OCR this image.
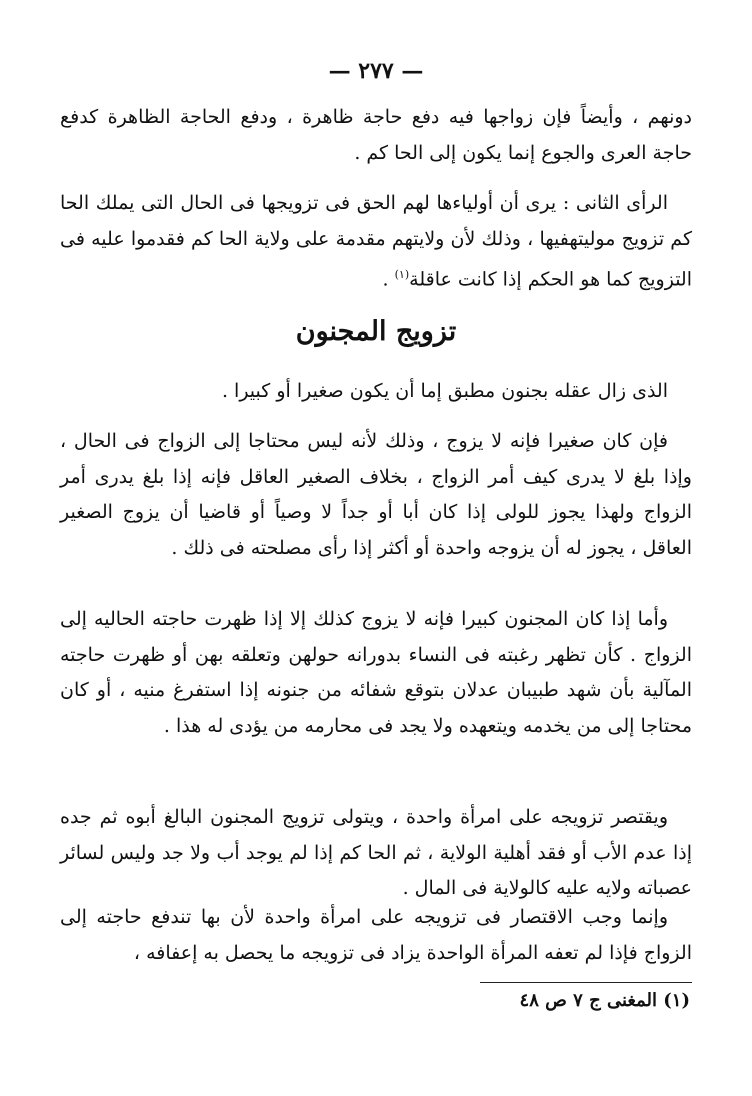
— ٢٧٧ —

دونهم ، وأيضاً فإن زواجها فيه دفع حاجة ظاهرة ، ودفع الحاجة الظاهرة كدفع حاجة العرى والجوع إنما يكون إلى الحا كم .

الرأى الثانى : يرى أن أولياءها لهم الحق فى تزويجها فى الحال التى يملك الحا كم تزويج موليتهفيها ، وذلك لأن ولايتهم مقدمة على ولاية الحا كم فقدموا عليه فى التزويج كما هو الحكم إذا كانت عاقلة$^{(١)}$ .

تزويج المجنون

الذى زال عقله بجنون مطبق إما أن يكون صغيرا أو كبيرا .

فإن كان صغيرا فإنه لا يزوج ، وذلك لأنه ليس محتاجا إلى الزواج فى الحال ، وإذا بلغ لا يدرى كيف أمر الزواج ، بخلاف الصغير العاقل فإنه إذا بلغ يدرى أمر الزواج ولهذا يجوز للولى إذا كان أبا أو جداً لا وصياً أو قاضيا أن يزوج الصغير العاقل ، يجوز له أن يزوجه واحدة أو أكثر إذا رأى مصلحته فى ذلك .

وأما إذا كان المجنون كبيرا فإنه لا يزوج كذلك إلا إذا ظهرت حاجته الحاليه إلى الزواج . كأن تظهر رغبته فى النساء بدورانه حولهن وتعلقه بهن أو ظهرت حاجته المآلية بأن شهد طبيبان عدلان بتوقع شفائه من جنونه إذا استفرغ منيه ، أو كان محتاجا إلى من يخدمه ويتعهده ولا يجد فى محارمه من يؤدى له هذا .

ويقتصر تزويجه على امرأة واحدة ، ويتولى تزويج المجنون البالغ أبوه ثم جده إذا عدم الأب أو فقد أهلية الولاية ، ثم الحا كم إذا لم يوجد أب ولا جد وليس لسائر عصباته ولايه عليه كالولاية فى المال .

وإنما وجب الاقتصار فى تزويجه على امرأة واحدة لأن بها تندفع حاجته إلى الزواج فإذا لم تعفه المرأة الواحدة يزاد فى تزويجه ما يحصل به إعفافه ،

(١) المغنى ج ٧ ص ٤٨
